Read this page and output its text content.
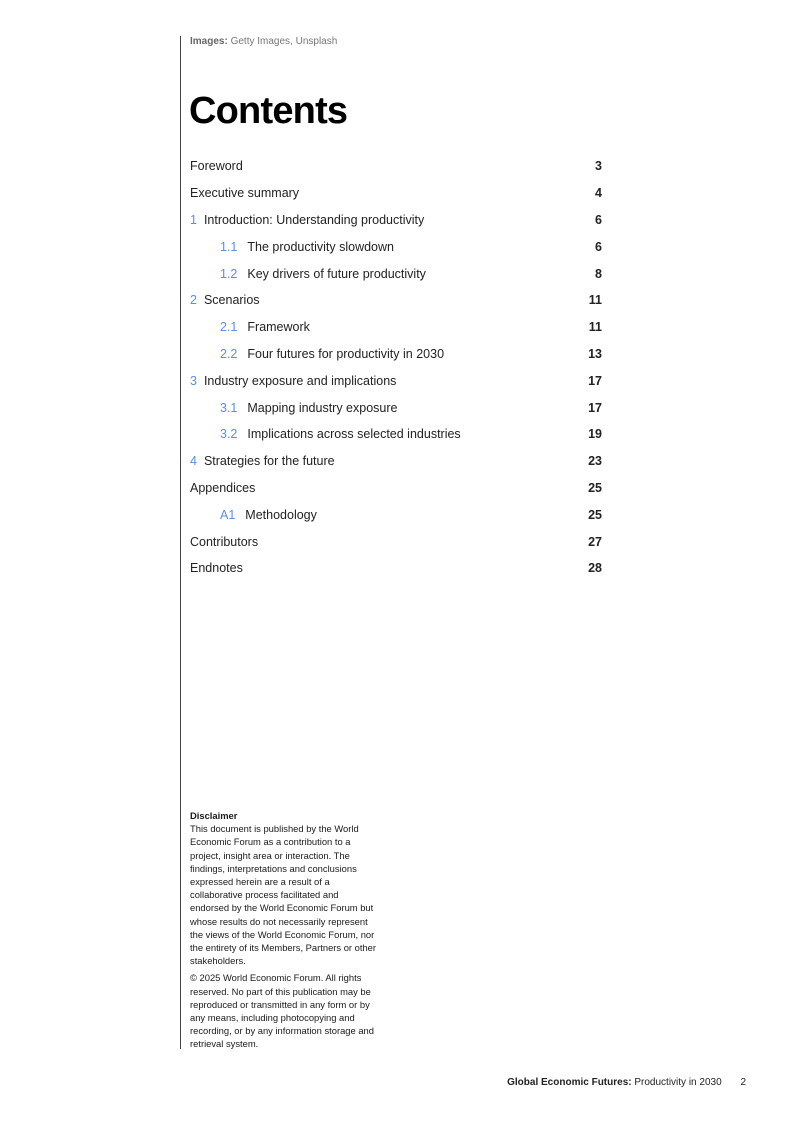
Images: Getty Images, Unsplash
Contents
Foreword	3
Executive summary	4
1 Introduction: Understanding productivity	6
1.1 The productivity slowdown	6
1.2 Key drivers of future productivity	8
2 Scenarios	11
2.1 Framework	11
2.2 Four futures for productivity in 2030	13
3 Industry exposure and implications	17
3.1 Mapping industry exposure	17
3.2 Implications across selected industries	19
4 Strategies for the future	23
Appendices	25
A1 Methodology	25
Contributors	27
Endnotes	28
Disclaimer

This document is published by the World Economic Forum as a contribution to a project, insight area or interaction. The findings, interpretations and conclusions expressed herein are a result of a collaborative process facilitated and endorsed by the World Economic Forum but whose results do not necessarily represent the views of the World Economic Forum, nor the entirety of its Members, Partners or other stakeholders.

© 2025 World Economic Forum. All rights reserved. No part of this publication may be reproduced or transmitted in any form or by any means, including photocopying and recording, or by any information storage and retrieval system.

Global Economic Futures: Productivity in 2030 2
